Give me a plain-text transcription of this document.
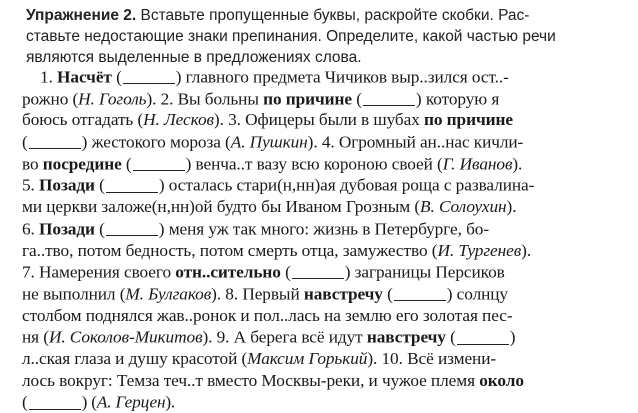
Упражнение 2. Вставьте пропущенные буквы, раскройте скобки. Рас-
ставьте недостающие знаки препинания. Определите, какой частью речи
являются выделенные в предложениях слова.
1. Насчёт (	) главного предмета Чичиков выр..зился ост..-
рожно (Н. Гоголь). 2. Вы больны по причине (	) которую я
боюсь отгадать (Н. Лесков). 3. Офицеры были в шубах по причине
(	) жестокого мороза (А. Пушкин). 4. Огромный ан..нас кичли-
во посредине (	) венча..т вазу всю короною своей (Г. Иванов).
5. Позади (	) осталась стари(н,нн)ая дубовая роща с развалина-
ми церкви заложе(н,нн)ой будто бы Иваном Грозным (В. Солоухин).
6. Позади (	) меня уж так много: жизнь в Петербурге, бо-
га..тво, потом бедность, потом смерть отца, замужество (И. Тургенев).
7. Намерения своего отн..сительно (	) заграницы Персиков
не выполнил (М. Булгаков). 8. Первый навстречу (	) солнцу
столбом поднялся жав..ронок и пол..лась на землю его золотая пес-
ня (И. Соколов-Микитов). 9. А берега всё идут навстречу (	)
л..ская глаза и душу красотой (Максим Горький). 10. Всё измени-
лось вокруг: Темза теч..т вместо Москвы-реки, и чужое племя около
(	) (А. Герцен).
